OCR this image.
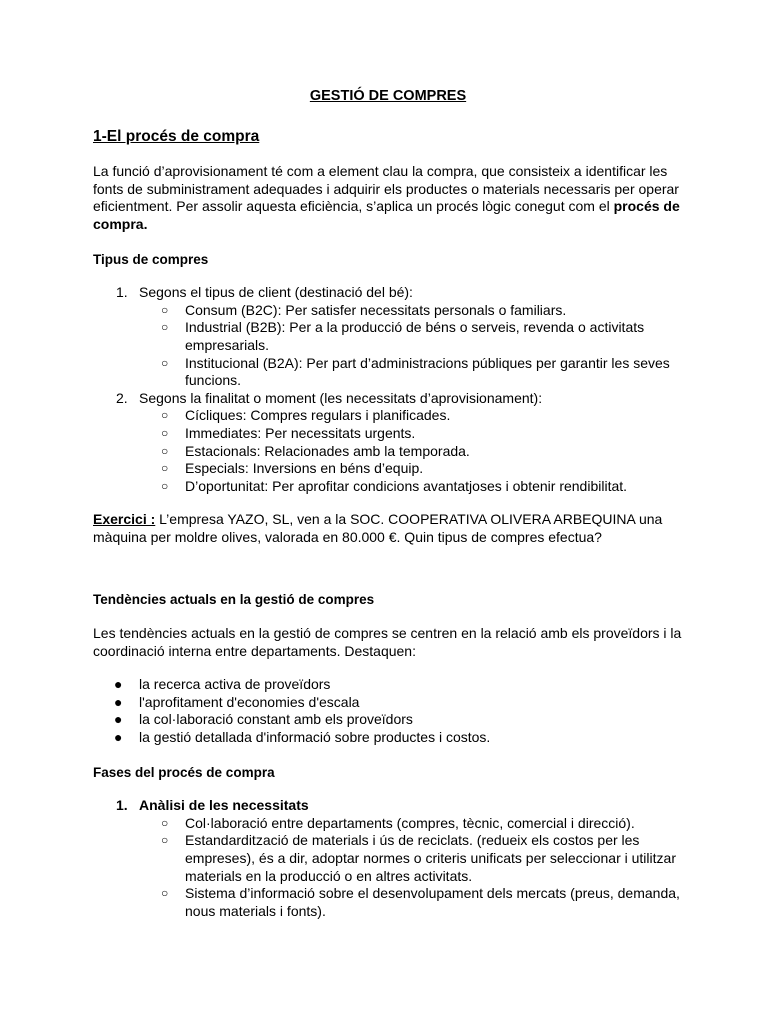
GESTIÓ DE COMPRES
1-El procés de compra

La funció d’aprovisionament té com a element clau la compra, que consisteix a identificar les fonts de subministrament adequades i adquirir els productes o materials necessaris per operar eficientment. Per assolir aquesta eficiència, s’aplica un procés lògic conegut com el procés de compra.

Tipus de compres

1. Segons el tipus de client (destinació del bé):
○ Consum (B2C): Per satisfer necessitats personals o familiars.
○ Industrial (B2B): Per a la producció de béns o serveis, revenda o activitats empresarials.
○ Institucional (B2A): Per part d’administracions públiques per garantir les seves funcions.
2. Segons la finalitat o moment (les necessitats d’aprovisionament):
○ Cícliques: Compres regulars i planificades.
○ Immediates: Per necessitats urgents.
○ Estacionals: Relacionades amb la temporada.
○ Especials: Inversions en béns d’equip.
○ D’oportunitat: Per aprofitar condicions avantatjoses i obtenir rendibilitat.

Exercici : L’empresa YAZO, SL, ven a la SOC. COOPERATIVA OLIVERA ARBEQUINA una màquina per moldre olives, valorada en 80.000 €. Quin tipus de compres efectua?

Tendències actuals en la gestió de compres

Les tendències actuals en la gestió de compres se centren en la relació amb els proveïdors i la coordinació interna entre departaments. Destaquen:

● la recerca activa de proveïdors
● l'aprofitament d'economies d'escala
● la col·laboració constant amb els proveïdors
● la gestió detallada d'informació sobre productes i costos.

Fases del procés de compra

1. Anàlisi de les necessitats
○ Col·laboració entre departaments (compres, tècnic, comercial i direcció).
○ Estandardització de materials i ús de reciclats. (redueix els costos per les empreses), és a dir, adoptar normes o criteris unificats per seleccionar i utilitzar materials en la producció o en altres activitats.
○ Sistema d’informació sobre el desenvolupament dels mercats (preus, demanda, nous materials i fonts).
